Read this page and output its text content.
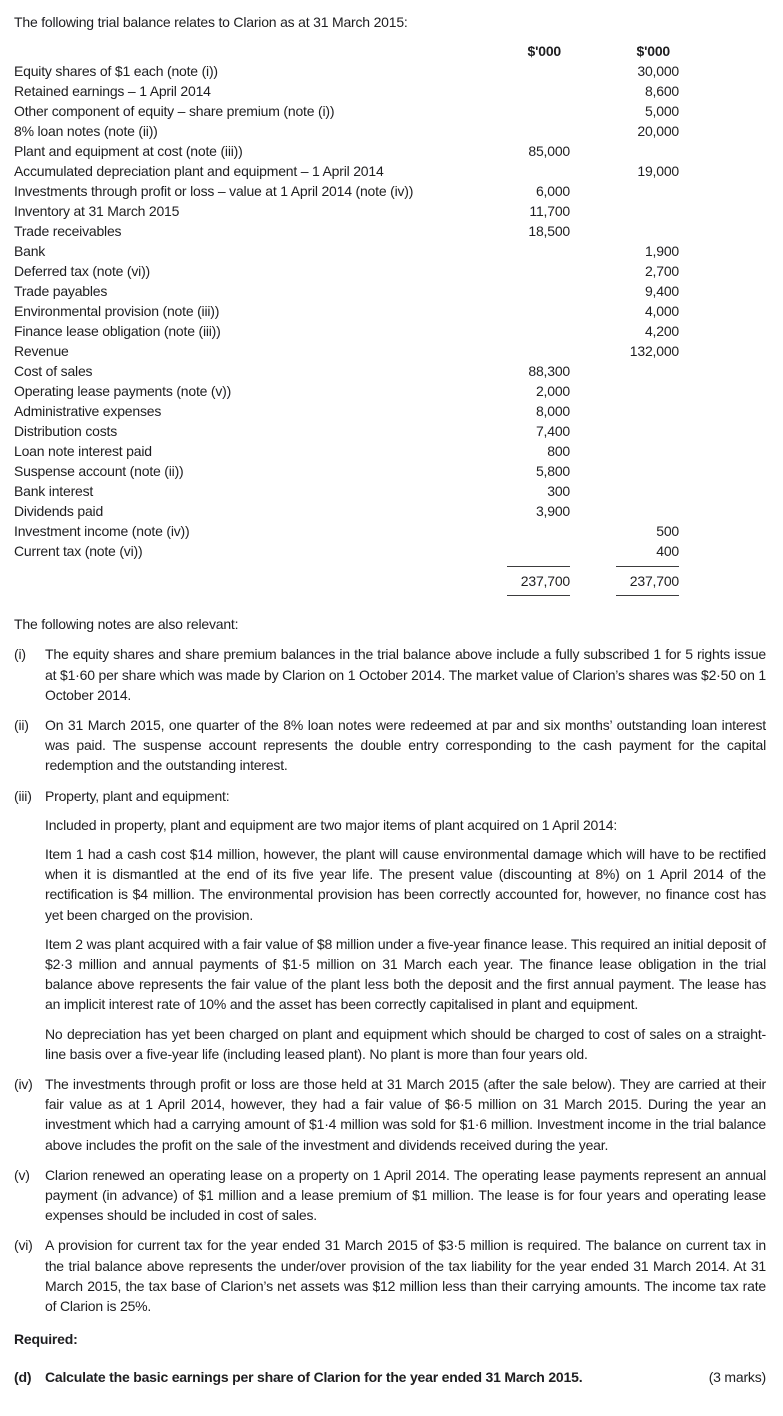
The following trial balance relates to Clarion as at 31 March 2015:

	$'000	$'000
Equity shares of $1 each (note (i))		30,000
Retained earnings – 1 April 2014		8,600
Other component of equity – share premium (note (i))		5,000
8% loan notes (note (ii))		20,000
Plant and equipment at cost (note (iii))	85,000	
Accumulated depreciation plant and equipment – 1 April 2014		19,000
Investments through profit or loss – value at 1 April 2014 (note (iv))	6,000	
Inventory at 31 March 2015	11,700	
Trade receivables	18,500	
Bank		1,900
Deferred tax (note (vi))		2,700
Trade payables		9,400
Environmental provision (note (iii))		4,000
Finance lease obligation (note (iii))		4,200
Revenue		132,000
Cost of sales	88,300	
Operating lease payments (note (v))	2,000	
Administrative expenses	8,000	
Distribution costs	7,400	
Loan note interest paid	800	
Suspense account (note (ii))	5,800	
Bank interest	300	
Dividends paid	3,900	
Investment income (note (iv))		500
Current tax (note (vi))		400
	237,700	237,700

The following notes are also relevant:

(i)	The equity shares and share premium balances in the trial balance above include a fully subscribed 1 for 5 rights issue at $1·60 per share which was made by Clarion on 1 October 2014. The market value of Clarion’s shares was $2·50 on 1 October 2014.

(ii)	On 31 March 2015, one quarter of the 8% loan notes were redeemed at par and six months’ outstanding loan interest was paid. The suspense account represents the double entry corresponding to the cash payment for the capital redemption and the outstanding interest.

(iii) Property, plant and equipment:

Included in property, plant and equipment are two major items of plant acquired on 1 April 2014:

Item 1 had a cash cost $14 million, however, the plant will cause environmental damage which will have to be rectified when it is dismantled at the end of its five year life. The present value (discounting at 8%) on 1 April 2014 of the rectification is $4 million. The environmental provision has been correctly accounted for, however, no finance cost has yet been charged on the provision.

Item 2 was plant acquired with a fair value of $8 million under a five-year finance lease. This required an initial deposit of $2·3 million and annual payments of $1·5 million on 31 March each year. The finance lease obligation in the trial balance above represents the fair value of the plant less both the deposit and the first annual payment. The lease has an implicit interest rate of 10% and the asset has been correctly capitalised in plant and equipment.

No depreciation has yet been charged on plant and equipment which should be charged to cost of sales on a straight-line basis over a five-year life (including leased plant). No plant is more than four years old.

(iv) The investments through profit or loss are those held at 31 March 2015 (after the sale below). They are carried at their fair value as at 1 April 2014, however, they had a fair value of $6·5 million on 31 March 2015. During the year an investment which had a carrying amount of $1·4 million was sold for $1·6 million. Investment income in the trial balance above includes the profit on the sale of the investment and dividends received during the year.

(v)	Clarion renewed an operating lease on a property on 1 April 2014. The operating lease payments represent an annual payment (in advance) of $1 million and a lease premium of $1 million. The lease is for four years and operating lease expenses should be included in cost of sales.

(vi) A provision for current tax for the year ended 31 March 2015 of $3·5 million is required. The balance on current tax in the trial balance above represents the under/over provision of the tax liability for the year ended 31 March 2014. At 31 March 2015, the tax base of Clarion’s net assets was $12 million less than their carrying amounts. The income tax rate of Clarion is 25%.

Required:

(d) Calculate the basic earnings per share of Clarion for the year ended 31 March 2015.	(3 marks)
